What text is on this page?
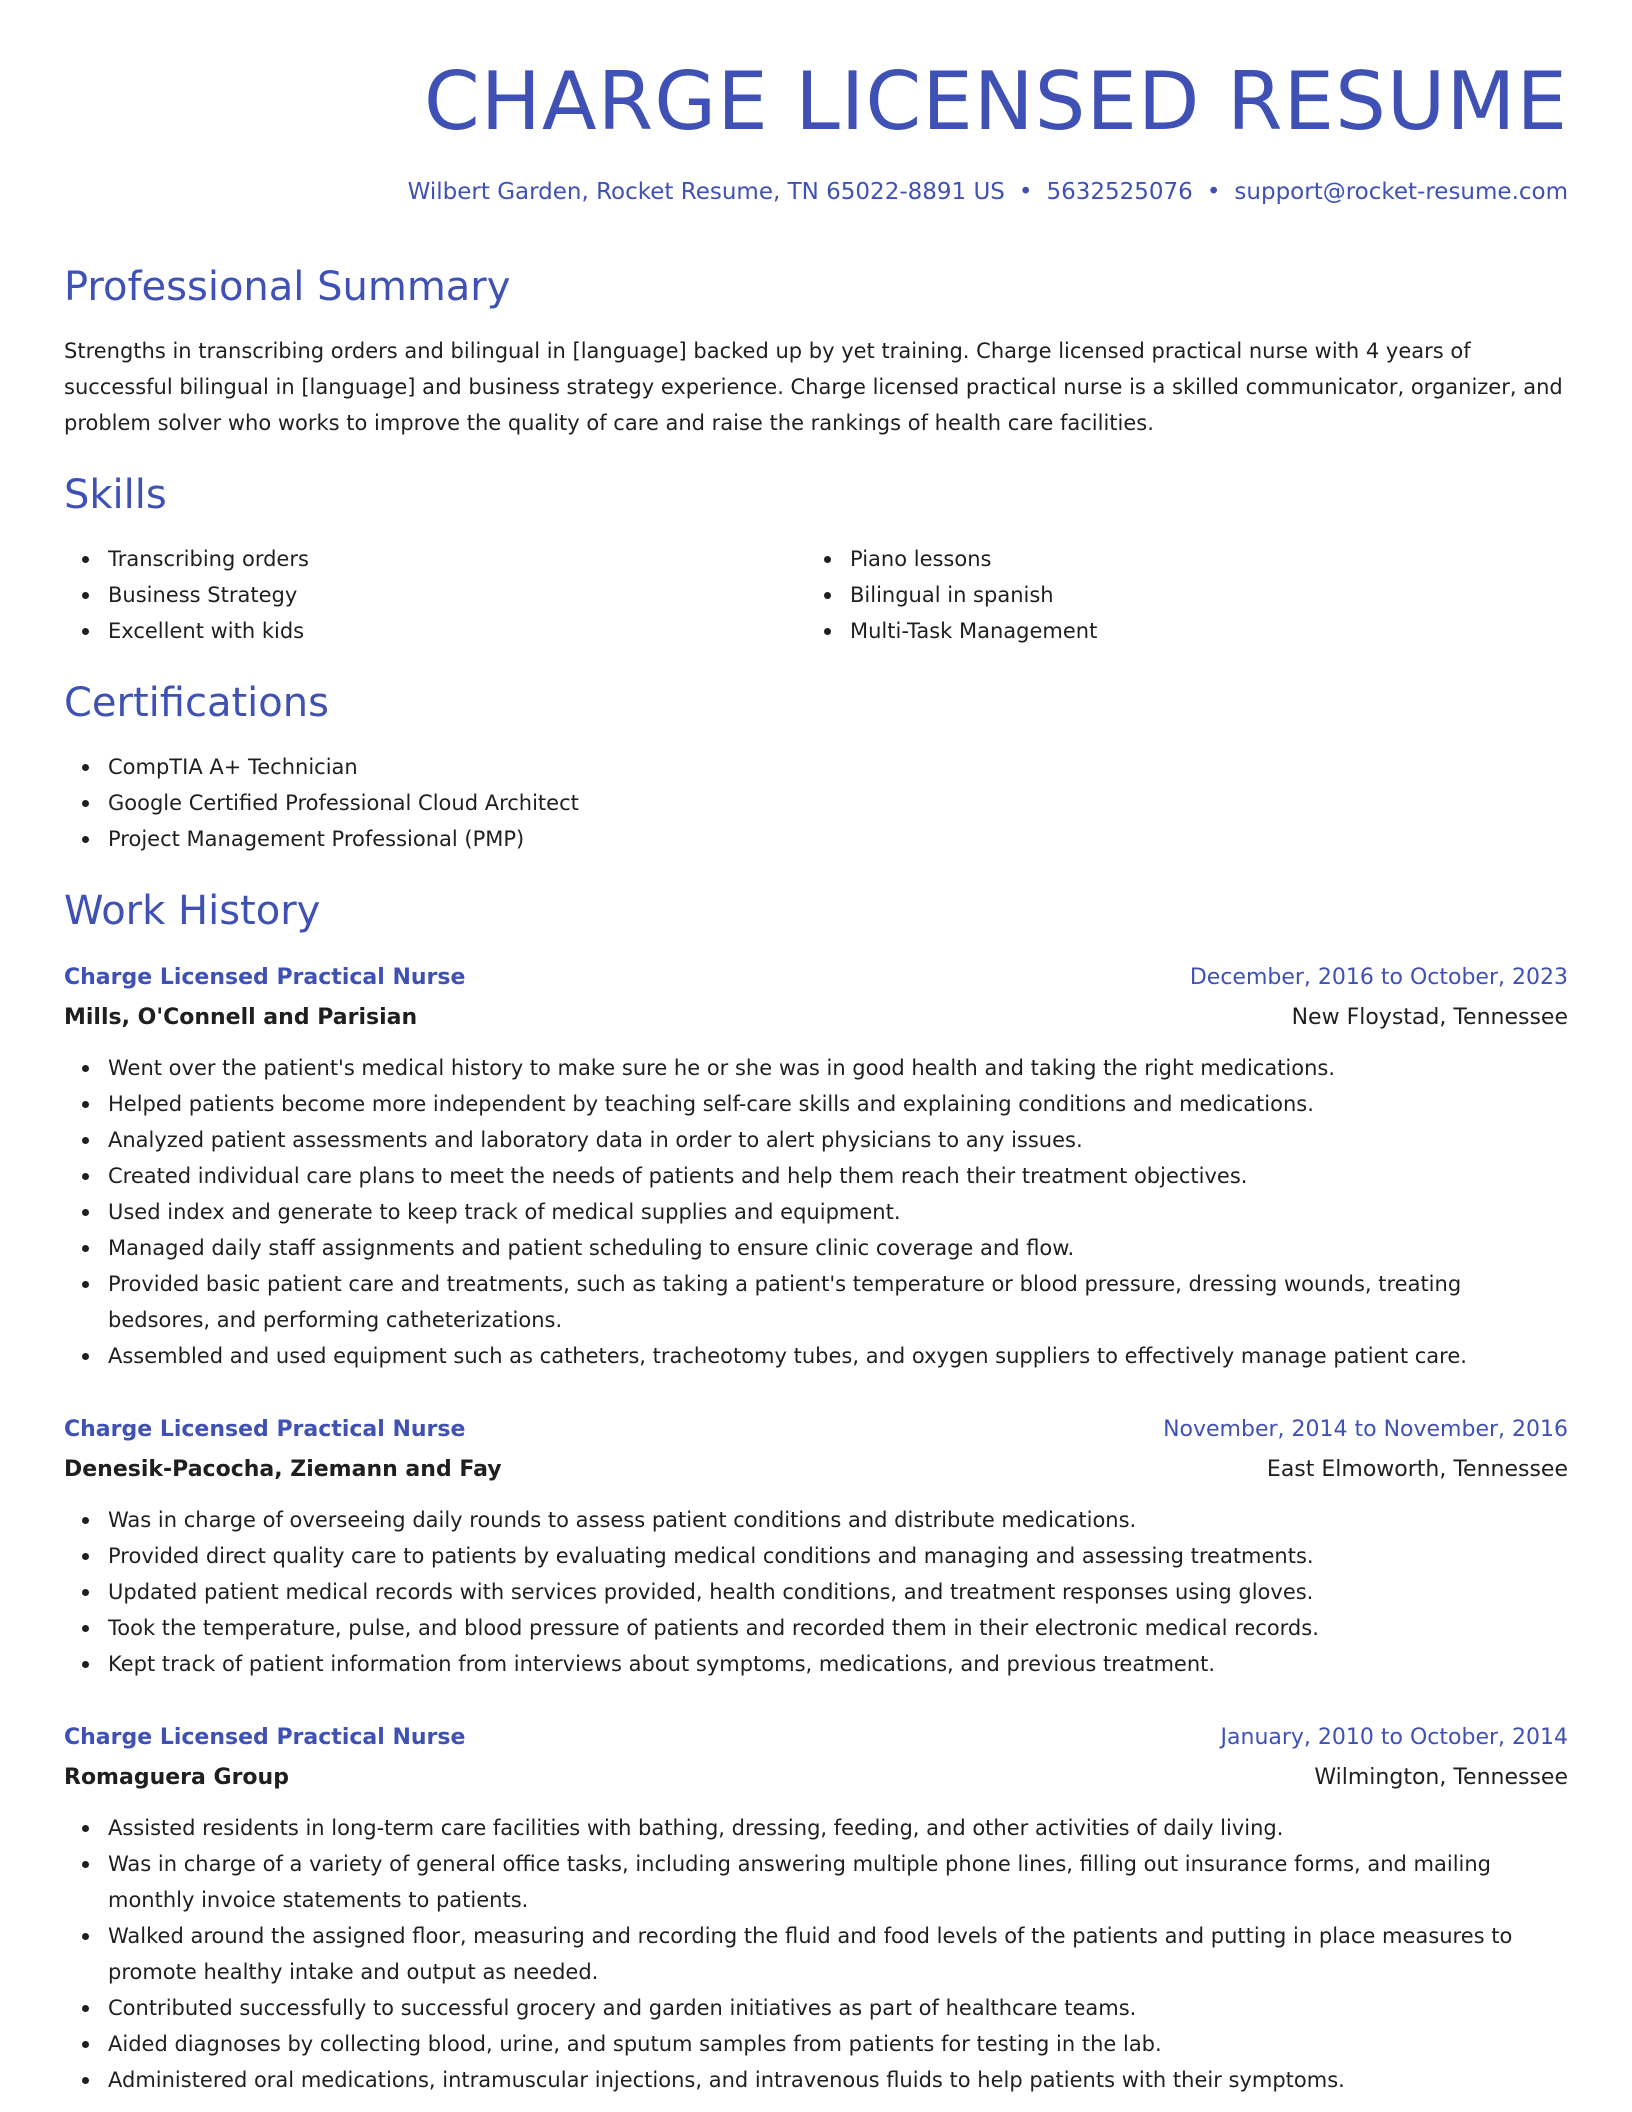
CHARGE LICENSED RESUME
Wilbert Garden, Rocket Resume, TN 65022-8891 US • 5632525076 • support@rocket-resume.com
Professional Summary

Strengths in transcribing orders and bilingual in [language] backed up by yet training. Charge licensed practical nurse with 4 years of successful bilingual in [language] and business strategy experience. Charge licensed practical nurse is a skilled communicator, organizer, and problem solver who works to improve the quality of care and raise the rankings of health care facilities.

Skills
Transcribing orders
Business Strategy
Excellent with kids
Piano lessons
Bilingual in spanish
Multi-Task Management
Certifications
CompTIA A+ Technician
Google Certified Professional Cloud Architect
Project Management Professional (PMP)
Work History
Charge Licensed Practical Nurse	December, 2016 to October, 2023
Mills, O'Connell and Parisian	New Floystad, Tennessee
Went over the patient's medical history to make sure he or she was in good health and taking the right medications.
Helped patients become more independent by teaching self-care skills and explaining conditions and medications.
Analyzed patient assessments and laboratory data in order to alert physicians to any issues.
Created individual care plans to meet the needs of patients and help them reach their treatment objectives.
Used index and generate to keep track of medical supplies and equipment.
Managed daily staff assignments and patient scheduling to ensure clinic coverage and flow.
Provided basic patient care and treatments, such as taking a patient's temperature or blood pressure, dressing wounds, treating bedsores, and performing catheterizations.
Assembled and used equipment such as catheters, tracheotomy tubes, and oxygen suppliers to effectively manage patient care.
Charge Licensed Practical Nurse	November, 2014 to November, 2016
Denesik-Pacocha, Ziemann and Fay	East Elmoworth, Tennessee
Was in charge of overseeing daily rounds to assess patient conditions and distribute medications.
Provided direct quality care to patients by evaluating medical conditions and managing and assessing treatments.
Updated patient medical records with services provided, health conditions, and treatment responses using gloves.
Took the temperature, pulse, and blood pressure of patients and recorded them in their electronic medical records.
Kept track of patient information from interviews about symptoms, medications, and previous treatment.
Charge Licensed Practical Nurse	January, 2010 to October, 2014
Romaguera Group	Wilmington, Tennessee
Assisted residents in long-term care facilities with bathing, dressing, feeding, and other activities of daily living.
Was in charge of a variety of general office tasks, including answering multiple phone lines, filling out insurance forms, and mailing monthly invoice statements to patients.
Walked around the assigned floor, measuring and recording the fluid and food levels of the patients and putting in place measures to promote healthy intake and output as needed.
Contributed successfully to successful grocery and garden initiatives as part of healthcare teams.
Aided diagnoses by collecting blood, urine, and sputum samples from patients for testing in the lab.
Administered oral medications, intramuscular injections, and intravenous fluids to help patients with their symptoms.
